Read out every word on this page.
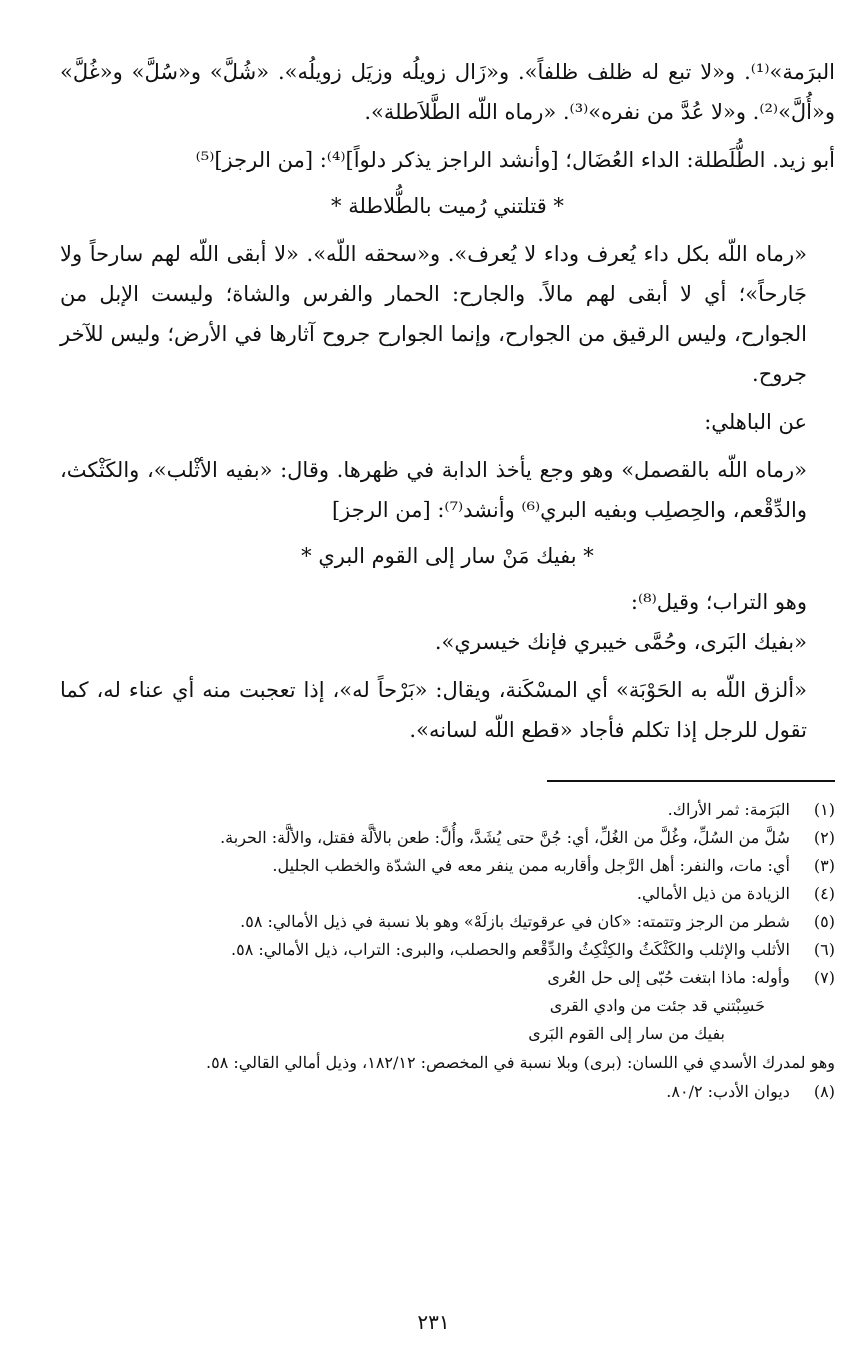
البرَمة»⁽¹⁾. و«لا تبع له ظلف ظلفاً». و«زَال زويلُه وزيَل زويلُه». «شُلَّ» و«سُلَّ» و«غُلَّ» و«أُلَّ»⁽²⁾. و«لا عُدَّ من نفره»⁽³⁾. «رماه اللّه الطَّلاَطلة».

أبو زيد. الطُّلَطلة: الداء العُضَال؛ [وأنشد الراجز يذكر دلواً]⁽⁴⁾: [من الرجز]⁽⁵⁾

* قتلتني رُميت بالطُّلاطلة *

«رماه اللّه بكل داء يُعرف وداء لا يُعرف». و«سحقه اللّه». «لا أبقى اللّه لهم سارحاً ولا جَارحاً»؛ أي لا أبقى لهم مالاً. والجارح: الحمار والفرس والشاة؛ وليست الإبل من الجوارح، وليس الرقيق من الجوارح، وإنما الجوارح جروح آثارها في الأرض؛ وليس للآخر جروح.

عن الباهلي:

«رماه اللّه بالقصمل» وهو وجع يأخذ الدابة في ظهرها. وقال: «بفيه الأثْلب»، والكَثْكث، والدِّقْعم، والحِصلِب وبفيه البري⁽⁶⁾ وأنشد⁽⁷⁾: [من الرجز]

* بفيك مَنْ سار إلى القوم البري *

وهو التراب؛ وقيل⁽⁸⁾:

«بفيك البَرى، وحُمَّى خيبري فإنك خيسري».

«ألزق اللّه به الحَوْبَة» أي المسْكَنة، ويقال: «بَرْحاً له»، إذا تعجبت منه أي عناء له، كما تقول للرجل إذا تكلم فأجاد «قطع اللّه لسانه».

(١) البَرَمة: ثمر الأراك.

(٢) سُلَّ من السُلِّ، وغُلَّ من الغُلِّ، أي: جُنَّ حتى يُشَدَّ، وأُلَّ: طعن بالألَّة فقتل، والألَّة: الحربة.

(٣) أي: مات، والنفر: أهل الرَّجل وأقاربه ممن ينفر معه في الشدّة والخطب الجليل.

(٤) الزيادة من ذيل الأمالي.

(٥) شطر من الرجز وتتمته: «كان في عرقوتيك بازلَهْ» وهو بلا نسبة في ذيل الأمالي: ٥٨.

(٦) الأثلب والإثلب والكَثْكَثُ والكِثْكِثُ والدِّقْعم والحصلب، والبرى: التراب، ذيل الأمالي: ٥٨.

(٧) وأوله: ماذا ابتغت حُبّى إلى حل العُرى

حَسِبْتني قد جئت من وادي القرى

بفيك من سار إلى القوم البَرى

وهو لمدرك الأسدي في اللسان: (برى) وبلا نسبة في المخصص: ١٨٢/١٢، وذيل أمالي القالي: ٥٨.

(٨) ديوان الأدب: ٨٠/٢.

٢٣١
